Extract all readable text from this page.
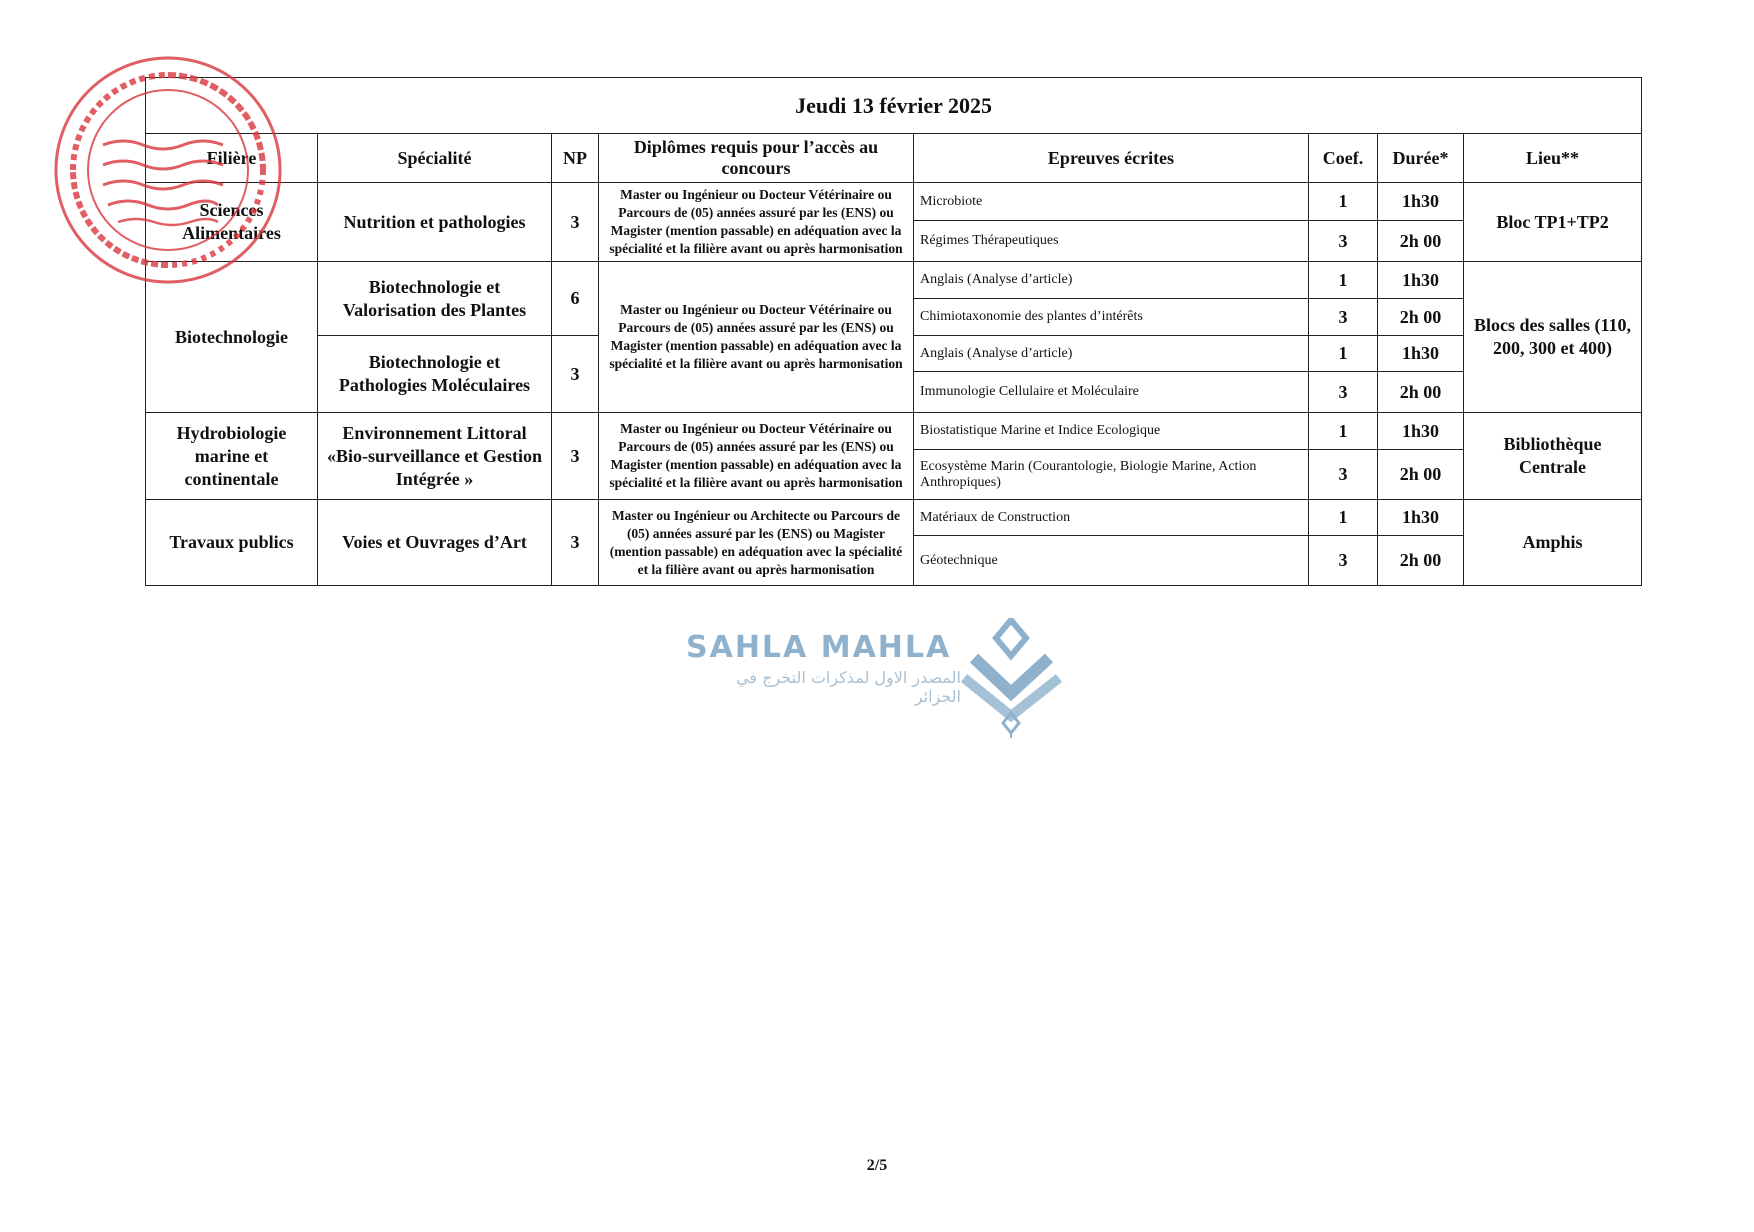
Jeudi 13 février 2025							
Filière	Spécialité	NP	Diplômes requis pour l’accès au concours	Epreuves écrites	Coef.	Durée*	Lieu**
Sciences Alimentaires	Nutrition et pathologies	3	Master ou Ingénieur ou Docteur Vétérinaire ou Parcours de (05) années assuré par les (ENS) ou Magister (mention passable) en adéquation avec la spécialité et la filière avant ou après harmonisation	Microbiote	1	1h30	Bloc TP1+TP2
				Régimes Thérapeutiques	3	2h 00	
Biotechnologie	Biotechnologie et Valorisation des Plantes	6	Master ou Ingénieur ou Docteur Vétérinaire ou Parcours de (05) années assuré par les (ENS) ou Magister (mention passable) en adéquation avec la spécialité et la filière avant ou après harmonisation	Anglais (Analyse d’article)	1	1h30	Blocs des salles (110, 200, 300 et 400)
				Chimiotaxonomie des plantes d’intérêts	3	2h 00	
	Biotechnologie et Pathologies Moléculaires	3		Anglais (Analyse d’article)	1	1h30	
				Immunologie Cellulaire et Moléculaire	3	2h 00	
Hydrobiologie marine et continentale	Environnement Littoral «Bio-surveillance et Gestion Intégrée »	3	Master ou Ingénieur ou Docteur Vétérinaire ou Parcours de (05) années assuré par les (ENS) ou Magister (mention passable) en adéquation avec la spécialité et la filière avant ou après harmonisation	Biostatistique Marine et Indice Ecologique	1	1h30	Bibliothèque Centrale
				Ecosystème Marin (Courantologie, Biologie Marine, Action Anthropiques)	3	2h 00	
Travaux publics	Voies et Ouvrages d’Art	3	Master ou Ingénieur ou Architecte ou Parcours de (05) années assuré par les (ENS) ou Magister (mention passable) en adéquation avec la spécialité et la filière avant ou après harmonisation	Matériaux de Construction	1	1h30	Amphis
				Géotechnique	3	2h 00	
SAHLA MAHLA
المصدر الاول لمذكرات التخرج في الجزائر
2/5
